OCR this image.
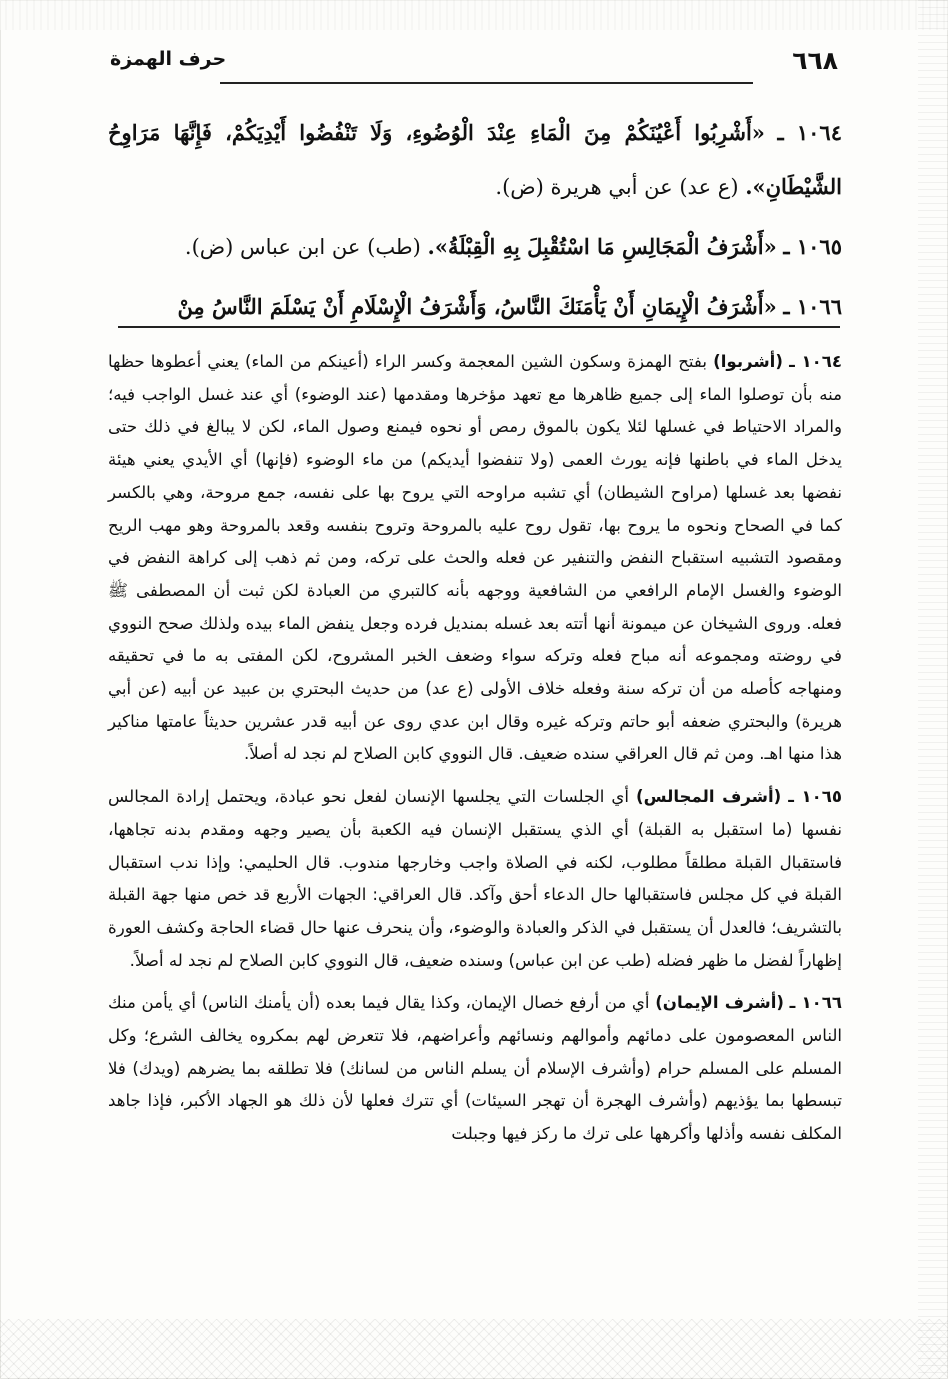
٦٦٨
حرف الهمزة

١٠٦٤ ـ «أَشْرِبُوا أَعْيُنَكُمْ مِنَ الْمَاءِ عِنْدَ الْوُضُوءِ، وَلَا تَنْفُضُوا أَيْدِيَكُمْ، فَإِنَّهَا مَرَاوِحُ الشَّيْطَانِ». (ع عد) عن أبي هريرة (ض).

١٠٦٥ ـ «أَشْرَفُ الْمَجَالِسِ مَا اسْتُقْبِلَ بِهِ الْقِبْلَةُ». (طب) عن ابن عباس (ض).

١٠٦٦ ـ «أَشْرَفُ الْإِيمَانِ أَنْ يَأْمَنَكَ النَّاسُ، وَأَشْرَفُ الْإِسْلَامِ أَنْ يَسْلَمَ النَّاسُ مِنْ

١٠٦٤ ـ (أشربوا) بفتح الهمزة وسكون الشين المعجمة وكسر الراء (أعينكم من الماء) يعني أعطوها حظها منه بأن توصلوا الماء إلى جميع ظاهرها مع تعهد مؤخرها ومقدمها (عند الوضوء) أي عند غسل الواجب فيه؛ والمراد الاحتياط في غسلها لئلا يكون بالموق رمص أو نحوه فيمنع وصول الماء، لكن لا يبالغ في ذلك حتى يدخل الماء في باطنها فإنه يورث العمى (ولا تنفضوا أيديكم) من ماء الوضوء (فإنها) أي الأيدي يعني هيئة نفضها بعد غسلها (مراوح الشيطان) أي تشبه مراوحه التي يروح بها على نفسه، جمع مروحة، وهي بالكسر كما في الصحاح ونحوه ما يروح بها، تقول روح عليه بالمروحة وتروح بنفسه وقعد بالمروحة وهو مهب الريح ومقصود التشبيه استقباح النفض والتنفير عن فعله والحث على تركه، ومن ثم ذهب إلى كراهة النفض في الوضوء والغسل الإمام الرافعي من الشافعية ووجهه بأنه كالتبري من العبادة لكن ثبت أن المصطفى ﷺ فعله. وروى الشيخان عن ميمونة أنها أتته بعد غسله بمنديل فرده وجعل ينفض الماء بيده ولذلك صحح النووي في روضته ومجموعه أنه مباح فعله وتركه سواء وضعف الخبر المشروح، لكن المفتى به ما في تحقيقه ومنهاجه كأصله من أن تركه سنة وفعله خلاف الأولى (ع عد) من حديث البحتري بن عبيد عن أبيه (عن أبي هريرة) والبحتري ضعفه أبو حاتم وتركه غيره وقال ابن عدي روى عن أبيه قدر عشرين حديثاً عامتها مناكير هذا منها اهـ. ومن ثم قال العراقي سنده ضعيف. قال النووي كابن الصلاح لم نجد له أصلاً.

١٠٦٥ ـ (أشرف المجالس) أي الجلسات التي يجلسها الإنسان لفعل نحو عبادة، ويحتمل إرادة المجالس نفسها (ما استقبل به القبلة) أي الذي يستقبل الإنسان فيه الكعبة بأن يصير وجهه ومقدم بدنه تجاهها، فاستقبال القبلة مطلقاً مطلوب، لكنه في الصلاة واجب وخارجها مندوب. قال الحليمي: وإذا ندب استقبال القبلة في كل مجلس فاستقبالها حال الدعاء أحق وآكد. قال العراقي: الجهات الأربع قد خص منها جهة القبلة بالتشريف؛ فالعدل أن يستقبل في الذكر والعبادة والوضوء، وأن ينحرف عنها حال قضاء الحاجة وكشف العورة إظهاراً لفضل ما ظهر فضله (طب عن ابن عباس) وسنده ضعيف، قال النووي كابن الصلاح لم نجد له أصلاً.

١٠٦٦ ـ (أشرف الإيمان) أي من أرفع خصال الإيمان، وكذا يقال فيما بعده (أن يأمنك الناس) أي يأمن منك الناس المعصومون على دمائهم وأموالهم ونسائهم وأعراضهم، فلا تتعرض لهم بمكروه يخالف الشرع؛ وكل المسلم على المسلم حرام (وأشرف الإسلام أن يسلم الناس من لسانك) فلا تطلقه بما يضرهم (ويدك) فلا تبسطها بما يؤذيهم (وأشرف الهجرة أن تهجر السيئات) أي تترك فعلها لأن ذلك هو الجهاد الأكبر، فإذا جاهد المكلف نفسه وأذلها وأكرهها على ترك ما ركز فيها وجبلت
